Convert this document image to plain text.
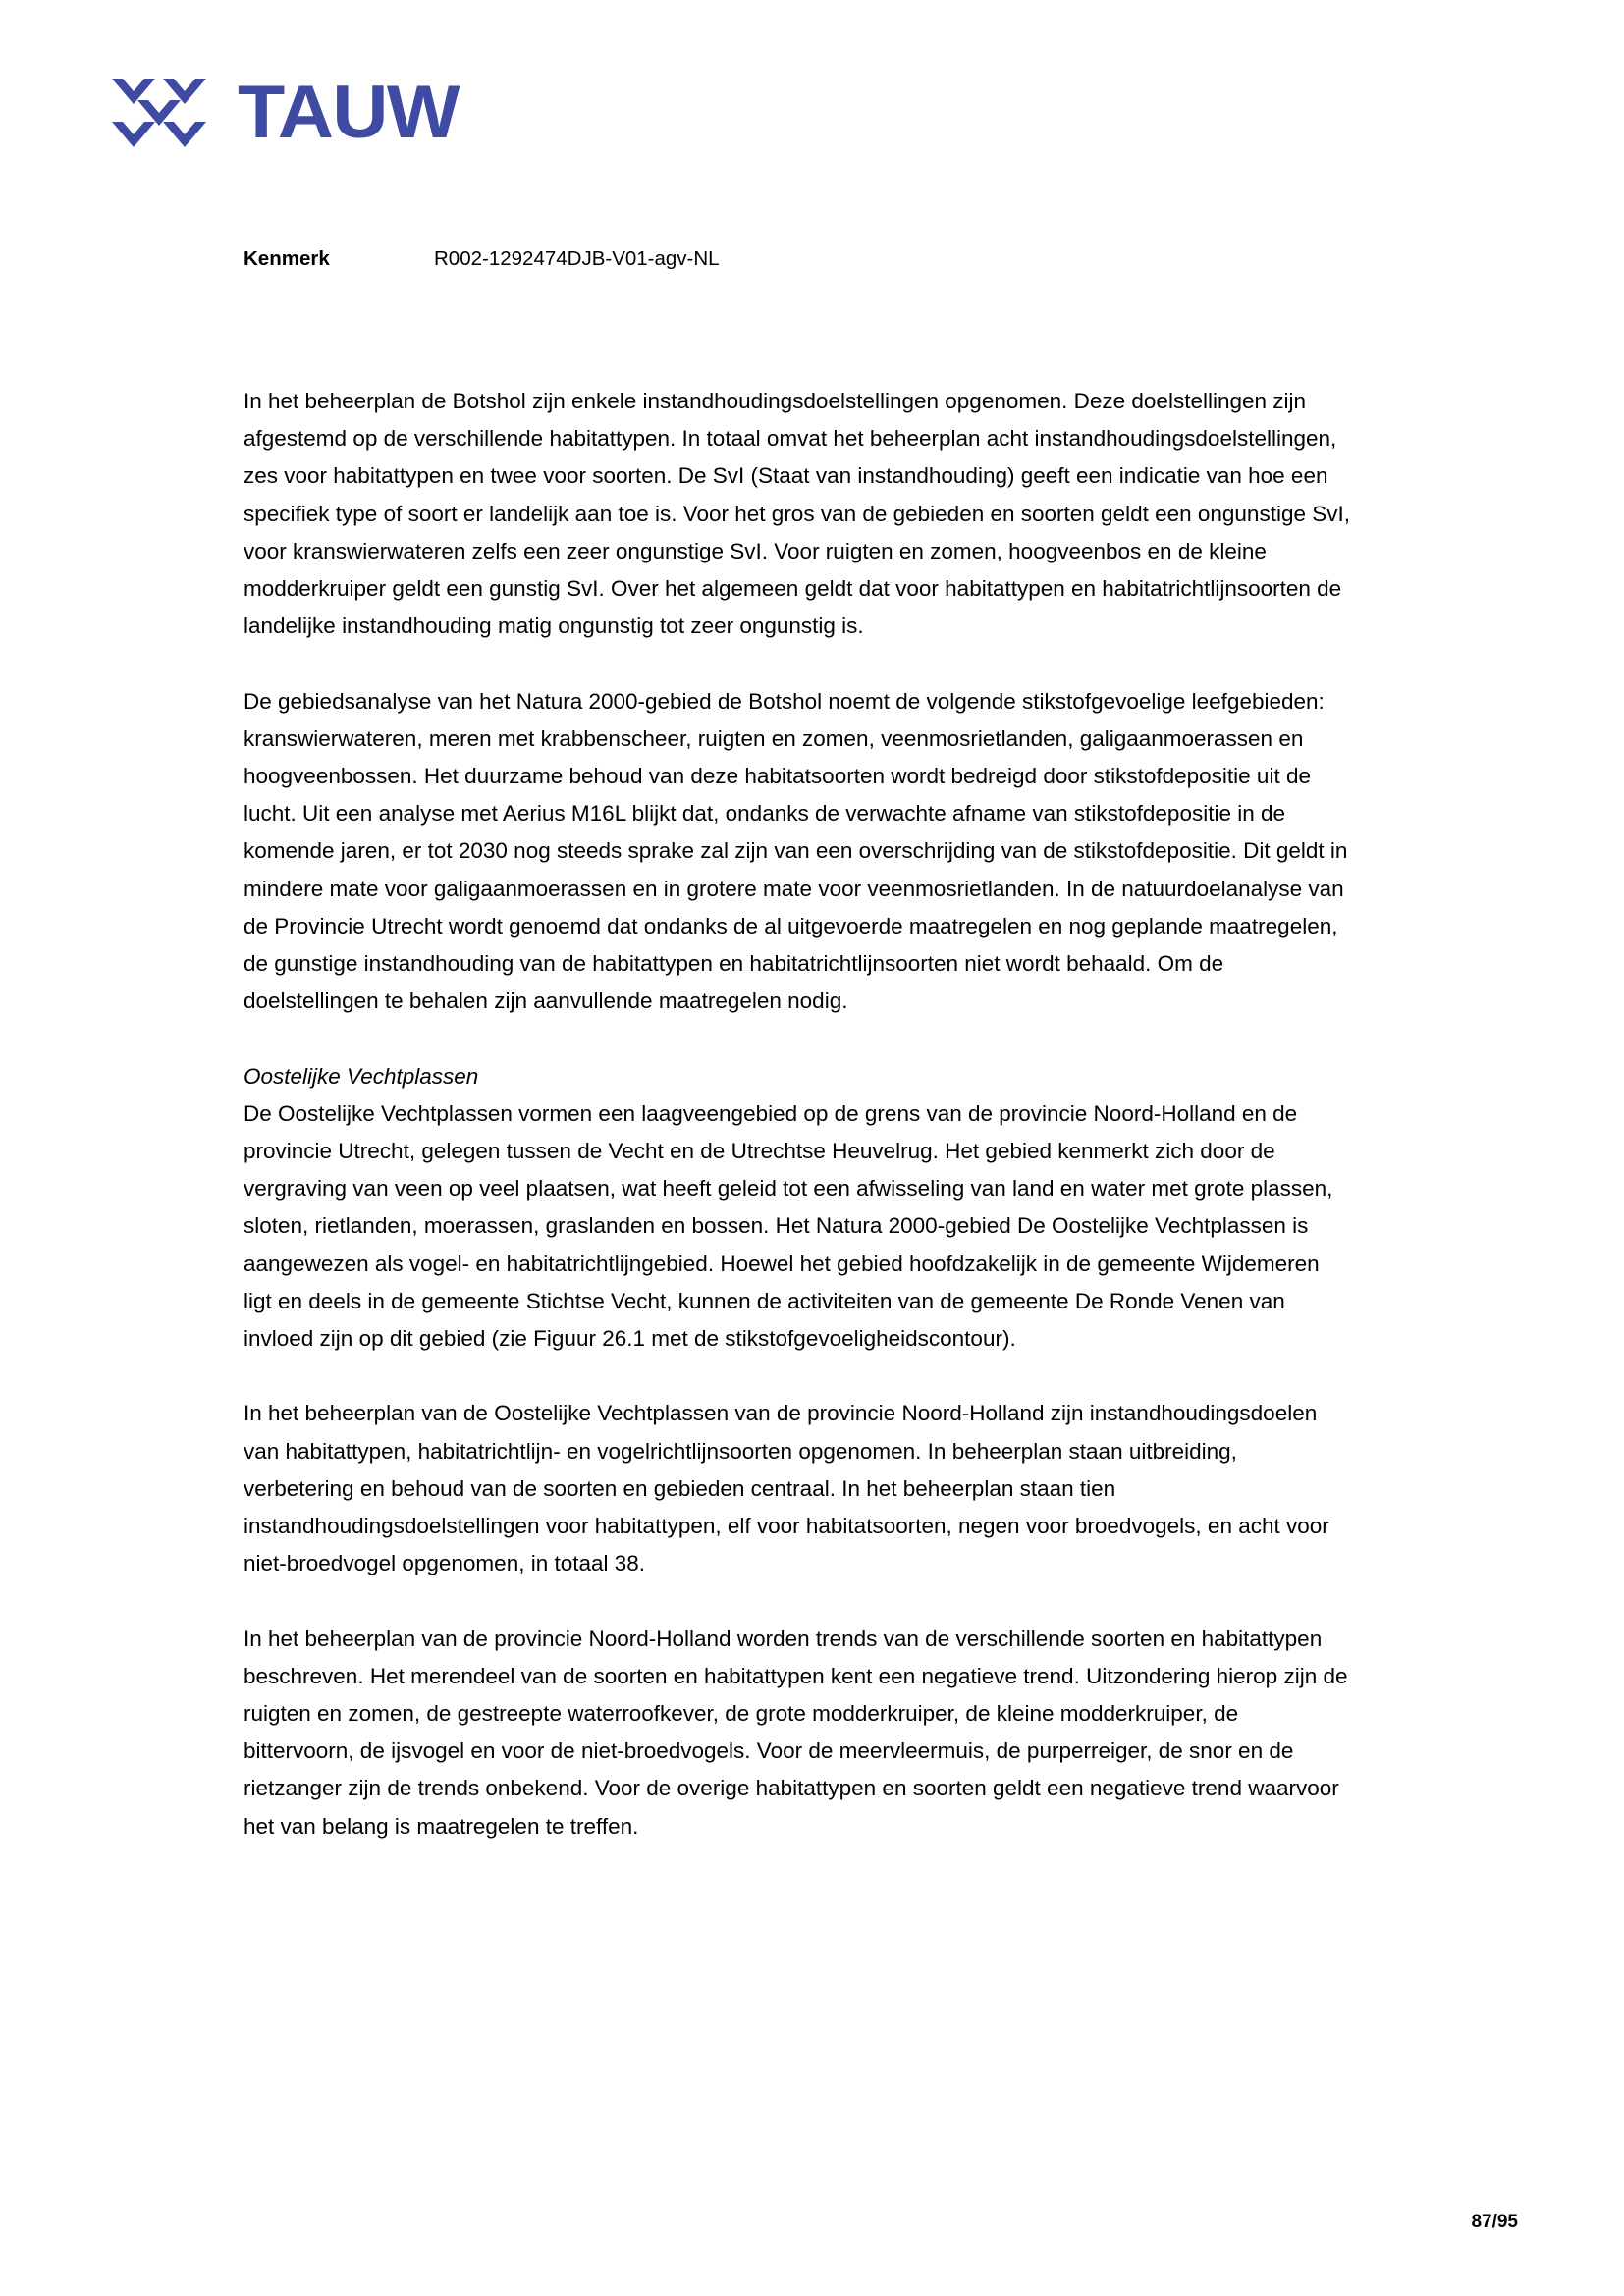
TAUW
Kenmerk	R002-1292474DJB-V01-agv-NL

In het beheerplan de Botshol zijn enkele instandhoudingsdoelstellingen opgenomen. Deze doelstellingen zijn afgestemd op de verschillende habitattypen. In totaal omvat het beheerplan acht instandhoudingsdoelstellingen, zes voor habitattypen en twee voor soorten. De SvI (Staat van instandhouding) geeft een indicatie van hoe een specifiek type of soort er landelijk aan toe is. Voor het gros van de gebieden en soorten geldt een ongunstige SvI, voor kranswierwateren zelfs een zeer ongunstige SvI. Voor ruigten en zomen, hoogveenbos en de kleine modderkruiper geldt een gunstig SvI. Over het algemeen geldt dat voor habitattypen en habitatrichtlijnsoorten de landelijke instandhouding matig ongunstig tot zeer ongunstig is.

De gebiedsanalyse van het Natura 2000-gebied de Botshol noemt de volgende stikstofgevoelige leefgebieden: kranswierwateren, meren met krabbenscheer, ruigten en zomen, veenmosrietlanden, galigaanmoerassen en hoogveenbossen. Het duurzame behoud van deze habitatsoorten wordt bedreigd door stikstofdepositie uit de lucht. Uit een analyse met Aerius M16L blijkt dat, ondanks de verwachte afname van stikstofdepositie in de komende jaren, er tot 2030 nog steeds sprake zal zijn van een overschrijding van de stikstofdepositie. Dit geldt in mindere mate voor galigaanmoerassen en in grotere mate voor veenmosrietlanden. In de natuurdoelanalyse van de Provincie Utrecht wordt genoemd dat ondanks de al uitgevoerde maatregelen en nog geplande maatregelen, de gunstige instandhouding van de habitattypen en habitatrichtlijnsoorten niet wordt behaald. Om de doelstellingen te behalen zijn aanvullende maatregelen nodig.

Oostelijke Vechtplassen

De Oostelijke Vechtplassen vormen een laagveengebied op de grens van de provincie Noord-Holland en de provincie Utrecht, gelegen tussen de Vecht en de Utrechtse Heuvelrug. Het gebied kenmerkt zich door de vergraving van veen op veel plaatsen, wat heeft geleid tot een afwisseling van land en water met grote plassen, sloten, rietlanden, moerassen, graslanden en bossen. Het Natura 2000-gebied De Oostelijke Vechtplassen is aangewezen als vogel- en habitatrichtlijngebied. Hoewel het gebied hoofdzakelijk in de gemeente Wijdemeren ligt en deels in de gemeente Stichtse Vecht, kunnen de activiteiten van de gemeente De Ronde Venen van invloed zijn op dit gebied (zie Figuur 26.1 met de stikstofgevoeligheidscontour).

In het beheerplan van de Oostelijke Vechtplassen van de provincie Noord-Holland zijn instandhoudingsdoelen van habitattypen, habitatrichtlijn- en vogelrichtlijnsoorten opgenomen. In beheerplan staan uitbreiding, verbetering en behoud van de soorten en gebieden centraal. In het beheerplan staan tien instandhoudingsdoelstellingen voor habitattypen, elf voor habitatsoorten, negen voor broedvogels, en acht voor niet-broedvogel opgenomen, in totaal 38.

In het beheerplan van de provincie Noord-Holland worden trends van de verschillende soorten en habitattypen beschreven. Het merendeel van de soorten en habitattypen kent een negatieve trend. Uitzondering hierop zijn de ruigten en zomen, de gestreepte waterroofkever, de grote modderkruiper, de kleine modderkruiper, de bittervoorn, de ijsvogel en voor de niet-broedvogels. Voor de meervleermuis, de purperreiger, de snor en de rietzanger zijn de trends onbekend. Voor de overige habitattypen en soorten geldt een negatieve trend waarvoor het van belang is maatregelen te treffen.

87/95
